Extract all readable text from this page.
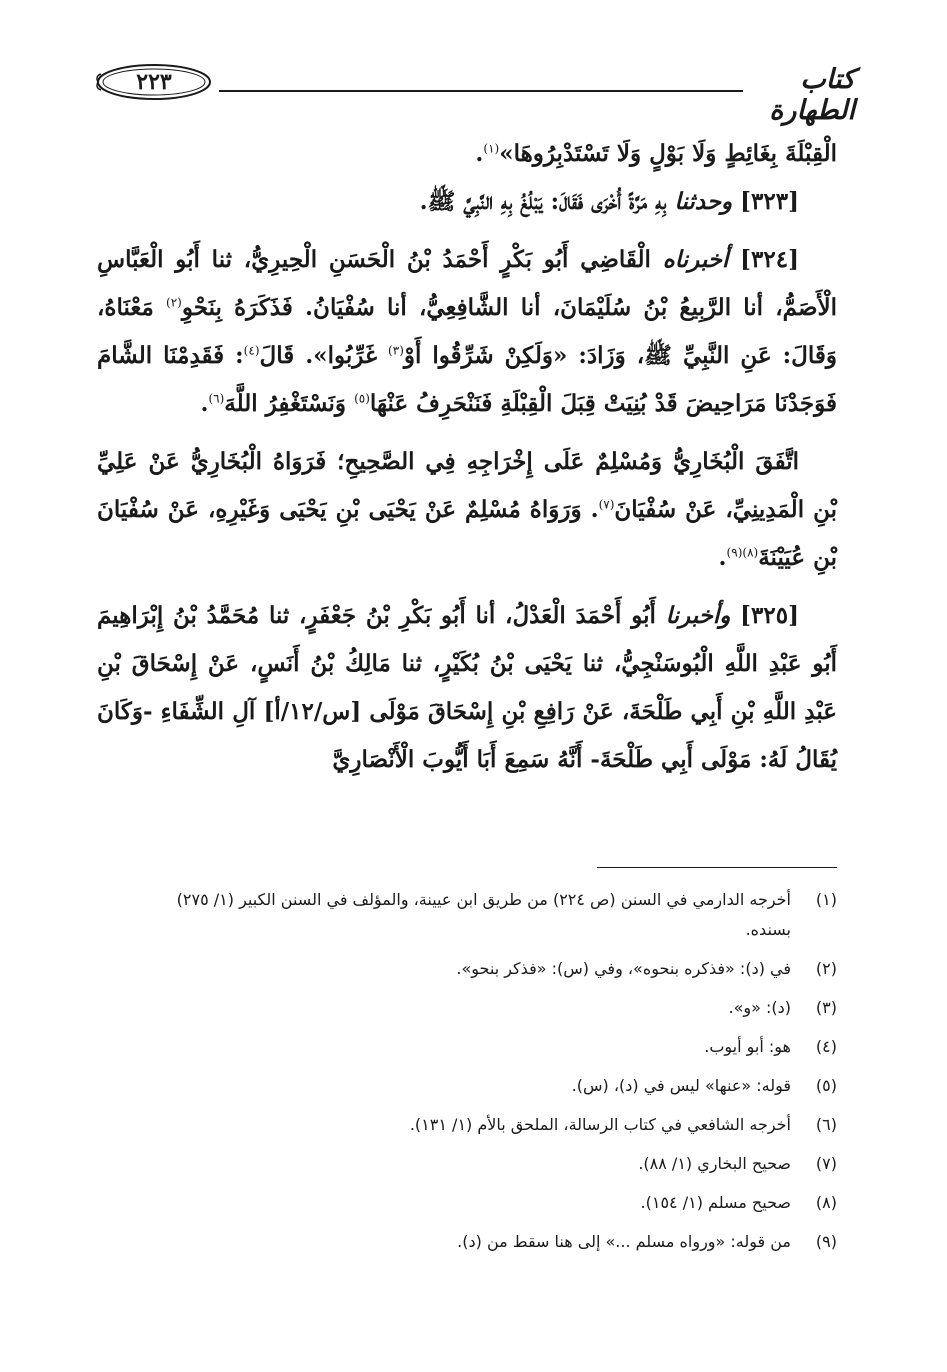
٢٢٣	كتاب الطهارة

الْقِبْلَةَ بِغَائِطٍ وَلَا بَوْلٍ وَلَا تَسْتَدْبِرُوهَا»$^{(١)}$.

[٣٢٣] وحدثنا بِهِ مَرَّةً أُخْرَى فَقَالَ: يَبْلُغُ بِهِ النَّبِيَّ ﷺ.

[٣٢٤] أخبرناه الْقَاضِي أَبُو بَكْرٍ أَحْمَدُ بْنُ الْحَسَنِ الْحِيرِيُّ، ثنا أَبُو الْعَبَّاسِ الْأَصَمُّ، أنا الرَّبِيعُ بْنُ سُلَيْمَانَ، أنا الشَّافِعِيُّ، أنا سُفْيَانُ. فَذَكَرَهُ بِنَحْوِ$^{(٢)}$ مَعْنَاهُ، وَقَالَ: عَنِ النَّبِيِّ ﷺ، وَزَادَ: «وَلَكِنْ شَرِّقُوا أَوْ$^{(٣)}$ غَرِّبُوا». قَالَ$^{(٤)}$: فَقَدِمْنَا الشَّامَ فَوَجَدْنَا مَرَاحِيضَ قَدْ بُنِيَتْ قِبَلَ الْقِبْلَةِ فَنَنْحَرِفُ عَنْهَا$^{(٥)}$ وَنَسْتَغْفِرُ اللَّهَ$^{(٦)}$.

اتَّفَقَ الْبُخَارِيُّ وَمُسْلِمٌ عَلَى إِخْرَاجِهِ فِي الصَّحِيحِ؛ فَرَوَاهُ الْبُخَارِيُّ عَنْ عَلِيِّ بْنِ الْمَدِينِيِّ، عَنْ سُفْيَانَ$^{(٧)}$. وَرَوَاهُ مُسْلِمٌ عَنْ يَحْيَى بْنِ يَحْيَى وَغَيْرِهِ، عَنْ سُفْيَانَ بْنِ عُيَيْنَةَ$^{(٨)(٩)}$.

[٣٢٥] وأخبرنا أَبُو أَحْمَدَ الْعَدْلُ، أنا أَبُو بَكْرِ بْنُ جَعْفَرٍ، ثنا مُحَمَّدُ بْنُ إِبْرَاهِيمَ أَبُو عَبْدِ اللَّهِ الْبُوسَنْجِيُّ، ثنا يَحْيَى بْنُ بُكَيْرٍ، ثنا مَالِكُ بْنُ أَنَسٍ، عَنْ إِسْحَاقَ بْنِ عَبْدِ اللَّهِ بْنِ أَبِي طَلْحَةَ، عَنْ رَافِعِ بْنِ إِسْحَاقَ مَوْلَى [س/١٢/أ] آلِ الشِّفَاءِ -وَكَانَ يُقَالُ لَهُ: مَوْلَى أَبِي طَلْحَةَ- أَنَّهُ سَمِعَ أَبَا أَيُّوبَ الْأَنْصَارِيَّ

(١)
أخرجه الدارمي في السنن (ص ٢٢٤) من طريق ابن عيينة، والمؤلف في السنن الكبير (١/ ٢٧٥) بسنده.
(٢)
في (د): «فذكره بنحوه»، وفي (س): «فذكر بنحو».
(٣)
(د): «و».
(٤)
هو: أبو أيوب.
(٥)
قوله: «عنها» ليس في (د)، (س).
(٦)
أخرجه الشافعي في كتاب الرسالة، الملحق بالأم (١/ ١٣١).
(٧)
صحيح البخاري (١/ ٨٨).
(٨)
صحيح مسلم (١/ ١٥٤).
(٩)
من قوله: «ورواه مسلم ...» إلى هنا سقط من (د).
